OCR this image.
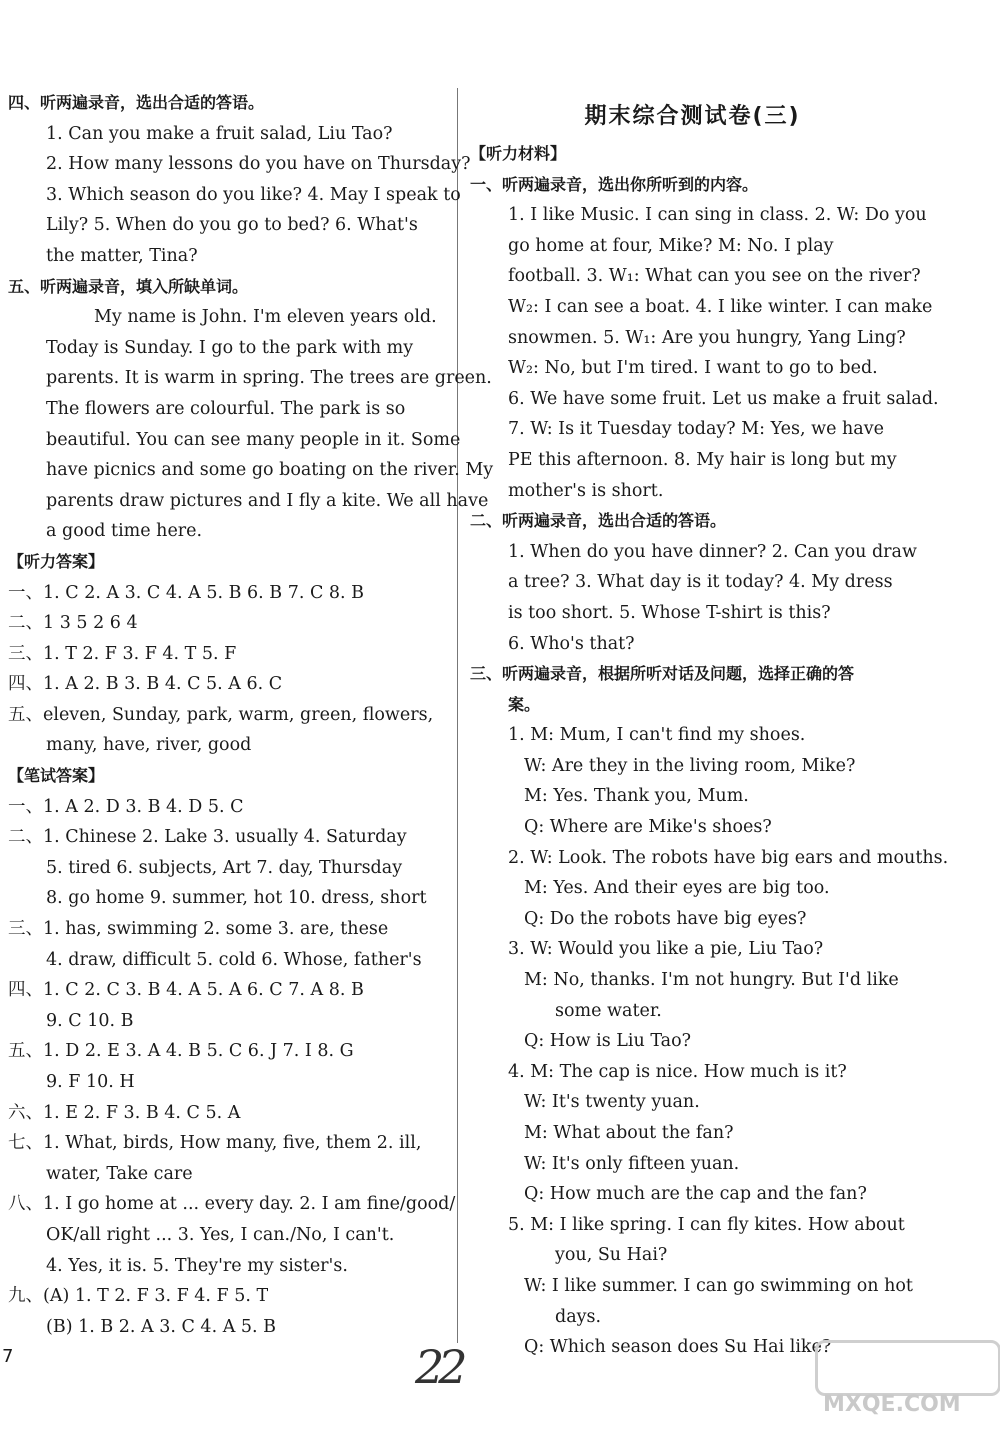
四、听两遍录音，选出合适的答语。
1. Can you make a fruit salad, Liu Tao?
2. How many lessons do you have on Thursday?
3. Which season do you like? 4. May I speak to
Lily? 5. When do you go to bed? 6. What's
the matter, Tina?
五、听两遍录音，填入所缺单词。
My name is John. I'm eleven years old.
Today is Sunday. I go to the park with my
parents. It is warm in spring. The trees are green.
The flowers are colourful. The park is so
beautiful. You can see many people in it. Some
have picnics and some go boating on the river. My
parents draw pictures and I fly a kite. We all have
a good time here.
【听力答案】
一、1. C 2. A 3. C 4. A 5. B 6. B 7. C 8. B
二、1 3 5 2 6 4
三、1. T 2. F 3. F 4. T 5. F
四、1. A 2. B 3. B 4. C 5. A 6. C
五、eleven, Sunday, park, warm, green, flowers,
many, have, river, good
【笔试答案】
一、1. A 2. D 3. B 4. D 5. C
二、1. Chinese 2. Lake 3. usually 4. Saturday
5. tired 6. subjects, Art 7. day, Thursday
8. go home 9. summer, hot 10. dress, short
三、1. has, swimming 2. some 3. are, these
4. draw, difficult 5. cold 6. Whose, father's
四、1. C 2. C 3. B 4. A 5. A 6. C 7. A 8. B
9. C 10. B
五、1. D 2. E 3. A 4. B 5. C 6. J 7. I 8. G
9. F 10. H
六、1. E 2. F 3. B 4. C 5. A
七、1. What, birds, How many, five, them 2. ill,
water, Take care
八、1. I go home at ... every day. 2. I am fine/good/
OK/all right ... 3. Yes, I can./No, I can't.
4. Yes, it is. 5. They're my sister's.
九、(A) 1. T 2. F 3. F 4. F 5. T
(B) 1. B 2. A 3. C 4. A 5. B
期末综合测试卷(三)
【听力材料】
一、听两遍录音，选出你所听到的内容。
1. I like Music. I can sing in class. 2. W: Do you
go home at four, Mike? M: No. I play
football. 3. W₁: What can you see on the river?
W₂: I can see a boat. 4. I like winter. I can make
snowmen. 5. W₁: Are you hungry, Yang Ling?
W₂: No, but I'm tired. I want to go to bed.
6. We have some fruit. Let us make a fruit salad.
7. W: Is it Tuesday today? M: Yes, we have
PE this afternoon. 8. My hair is long but my
mother's is short.
二、听两遍录音，选出合适的答语。
1. When do you have dinner? 2. Can you draw
a tree? 3. What day is it today? 4. My dress
is too short. 5. Whose T-shirt is this?
6. Who's that?
三、听两遍录音，根据所听对话及问题，选择正确的答
案。
1. M: Mum, I can't find my shoes.
W: Are they in the living room, Mike?
M: Yes. Thank you, Mum.
Q: Where are Mike's shoes?
2. W: Look. The robots have big ears and mouths.
M: Yes. And their eyes are big too.
Q: Do the robots have big eyes?
3. W: Would you like a pie, Liu Tao?
M: No, thanks. I'm not hungry. But I'd like
some water.
Q: How is Liu Tao?
4. M: The cap is nice. How much is it?
W: It's twenty yuan.
M: What about the fan?
W: It's only fifteen yuan.
Q: How much are the cap and the fan?
5. M: I like spring. I can fly kites. How about
you, Su Hai?
W: I like summer. I can go swimming on hot
days.
Q: Which season does Su Hai like?
7	22
MXQE.COM
